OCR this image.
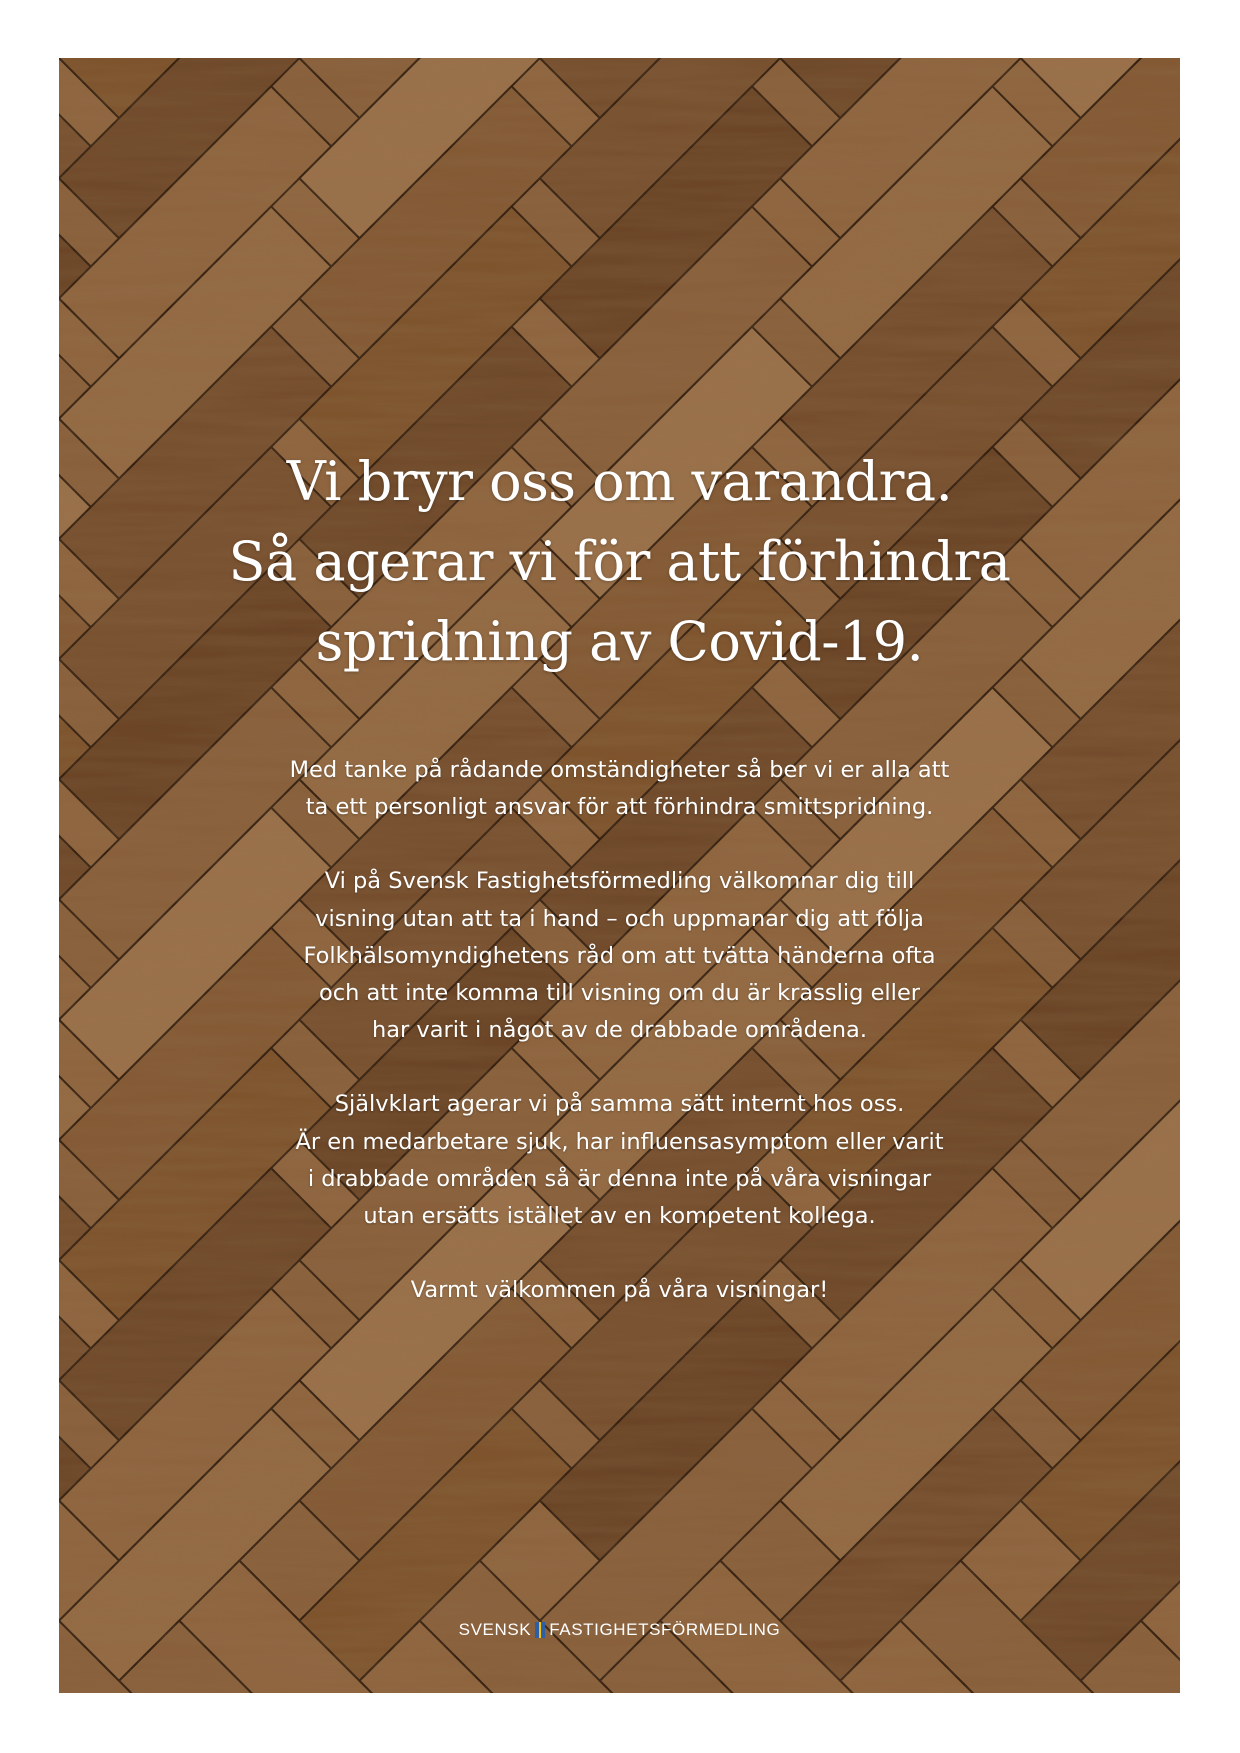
Vi bryr oss om varandra.
Så agerar vi för att förhindra
spridning av Covid-19.

Med tanke på rådande omständigheter så ber vi er alla att
ta ett personligt ansvar för att förhindra smittspridning.

Vi på Svensk Fastighetsförmedling välkomnar dig till
visning utan att ta i hand – och uppmanar dig att följa
Folkhälsomyndighetens råd om att tvätta händerna ofta
och att inte komma till visning om du är krasslig eller
har varit i något av de drabbade områdena.

Självklart agerar vi på samma sätt internt hos oss.
Är en medarbetare sjuk, har influensasymptom eller varit
i drabbade områden så är denna inte på våra visningar
utan ersätts istället av en kompetent kollega.

Varmt välkommen på våra visningar!

SVENSK FASTIGHETSFÖRMEDLING
